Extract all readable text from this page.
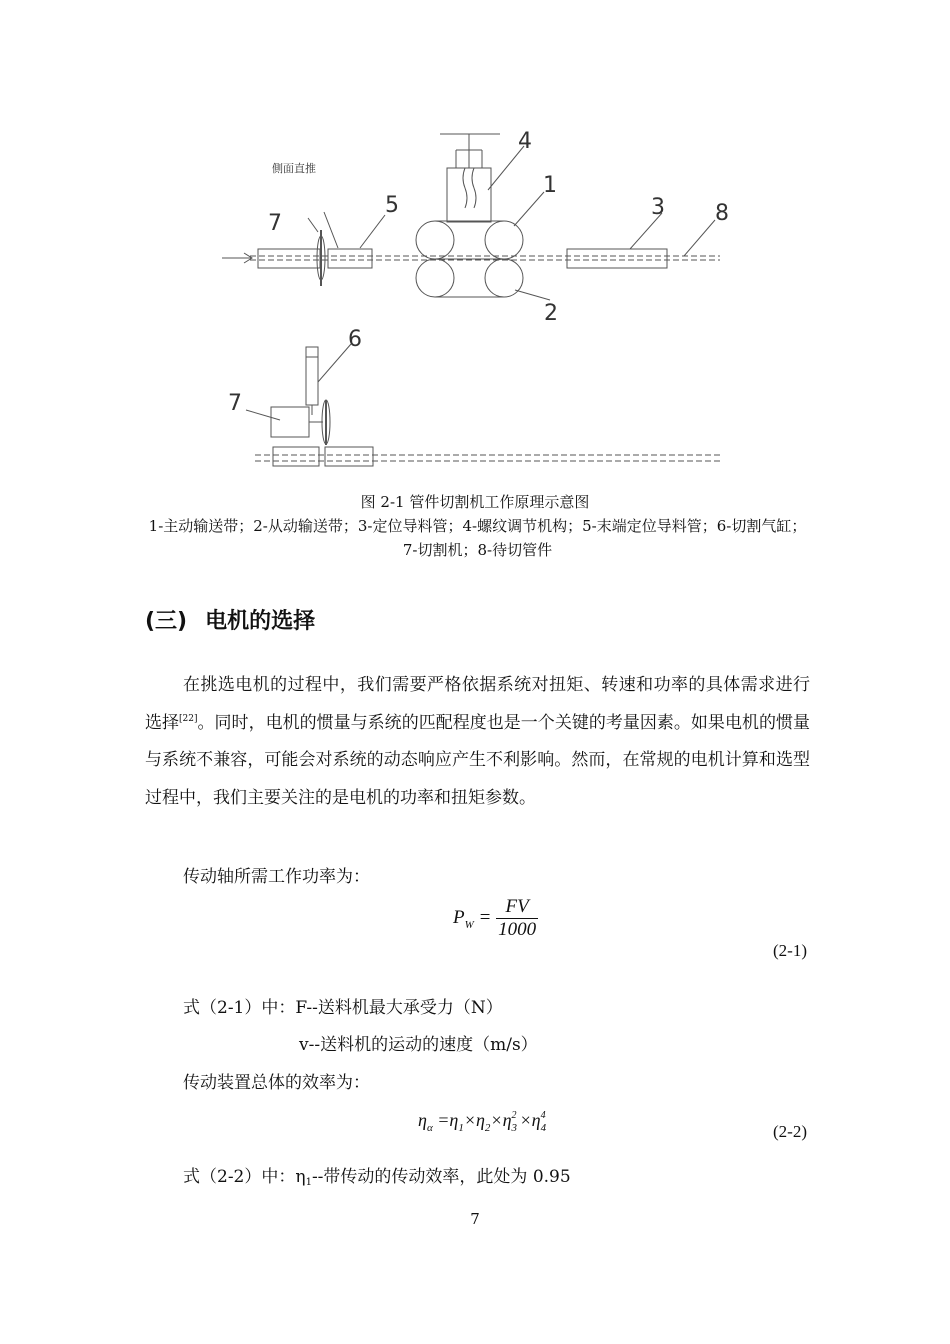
7
5
4
1
3 8
2
側面直推
6
7
图 2-1 管件切割机工作原理示意图
1-主动输送带；2-从动输送带；3-定位导料管；4-螺纹调节机构；5-末端定位导料管；6-切割气缸；7-切割机；8-待切管件
(三) 电机的选择
在挑选电机的过程中，我们需要严格依据系统对扭矩、转速和功率的具体需求进行选择[22]。同时，电机的惯量与系统的匹配程度也是一个关键的考量因素。如果电机的惯量与系统不兼容，可能会对系统的动态响应产生不利影响。然而，在常规的电机计算和选型过程中，我们主要关注的是电机的功率和扭矩参数。
传动轴所需工作功率为：
$P_W = \frac{FV}{1000}$
(2-1)
式（2-1）中：F--送料机最大承受力（N）
v--送料机的运动的速度（m/s）
传动装置总体的效率为：
$\eta_\alpha =\eta_1\times\eta_2\times\eta$ 2
3 ×η 4
4	(2-2)
式（2-2）中：η1--带传动的传动效率，此处为 0.95
7
